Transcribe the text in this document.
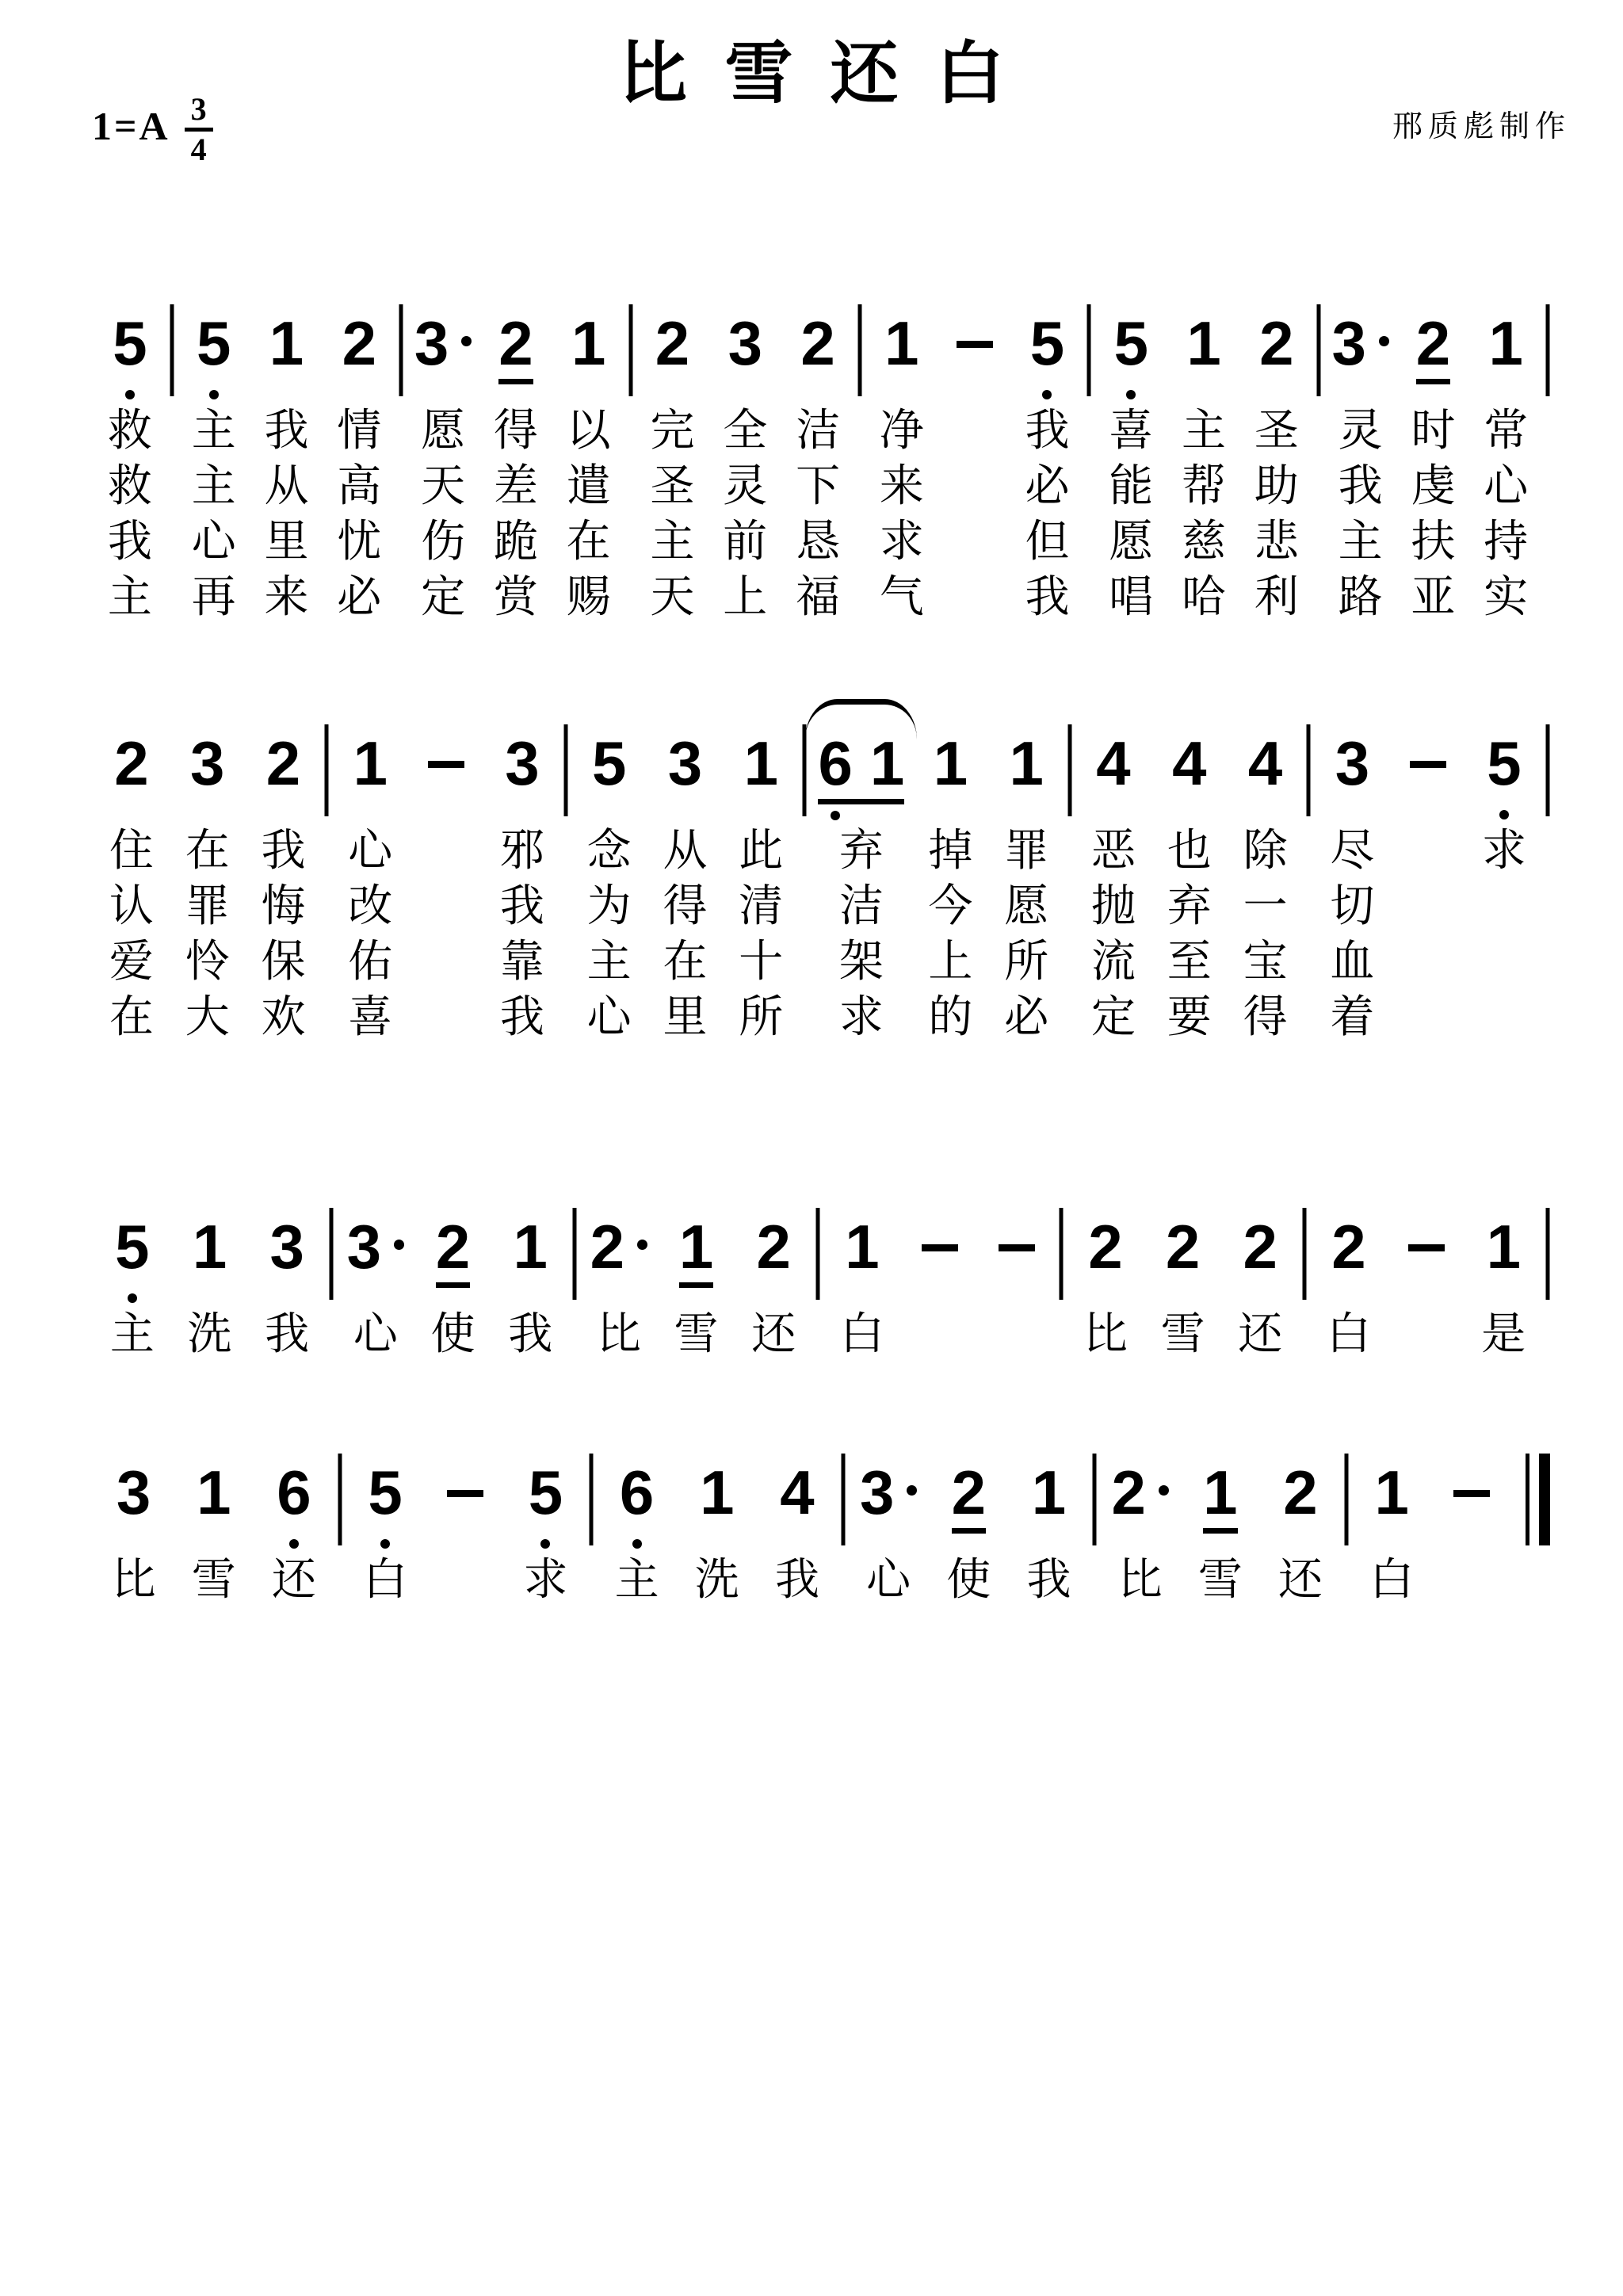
比雪还白
1=A 3
4
邢质彪制作
5
救
救
我
主
5
主
主
心
再
1
我
从
里
来
2
情
高
忧
必
3
愿
天
伤
定
2
得
差
跪
赏
1
以
遣
在
赐
2
完
圣
主
天
3
全
灵
前
上
2
洁
下
恳
福
1
净
来
求
气
5
我
必
但
我
5
喜
能
愿
唱
1
主
帮
慈
哈
2
圣
助
悲
利
3
灵
我
主
路
2
时
虔
扶
亚
1
常
心
持
实
2
住
认
爱
在
3
在
罪
怜
大
2
我
悔
保
欢
1
心
改
佑
喜
3
邪
我
靠
我
5
念
为
主
心
3
从
得
在
里
1
此
清
十
所
6 1
弃
洁
架
求
1
掉
今
上
的
1
罪
愿
所
必
4
恶
抛
流
定
4
也
弃
至
要
4
除
一
宝
得
3
尽
切
血
着
5
求
5
主
1
洗
3
我
3
心
2
使
1
我
2
比
1
雪
2
还
1
白
2
比
2
雪
2
还
2
白
1
是
3
比
1
雪
6
还
5
白
5
求
6
主
1
洗
4
我
3
心
2
使
1
我
2
比
1
雪
2
还
1
白
